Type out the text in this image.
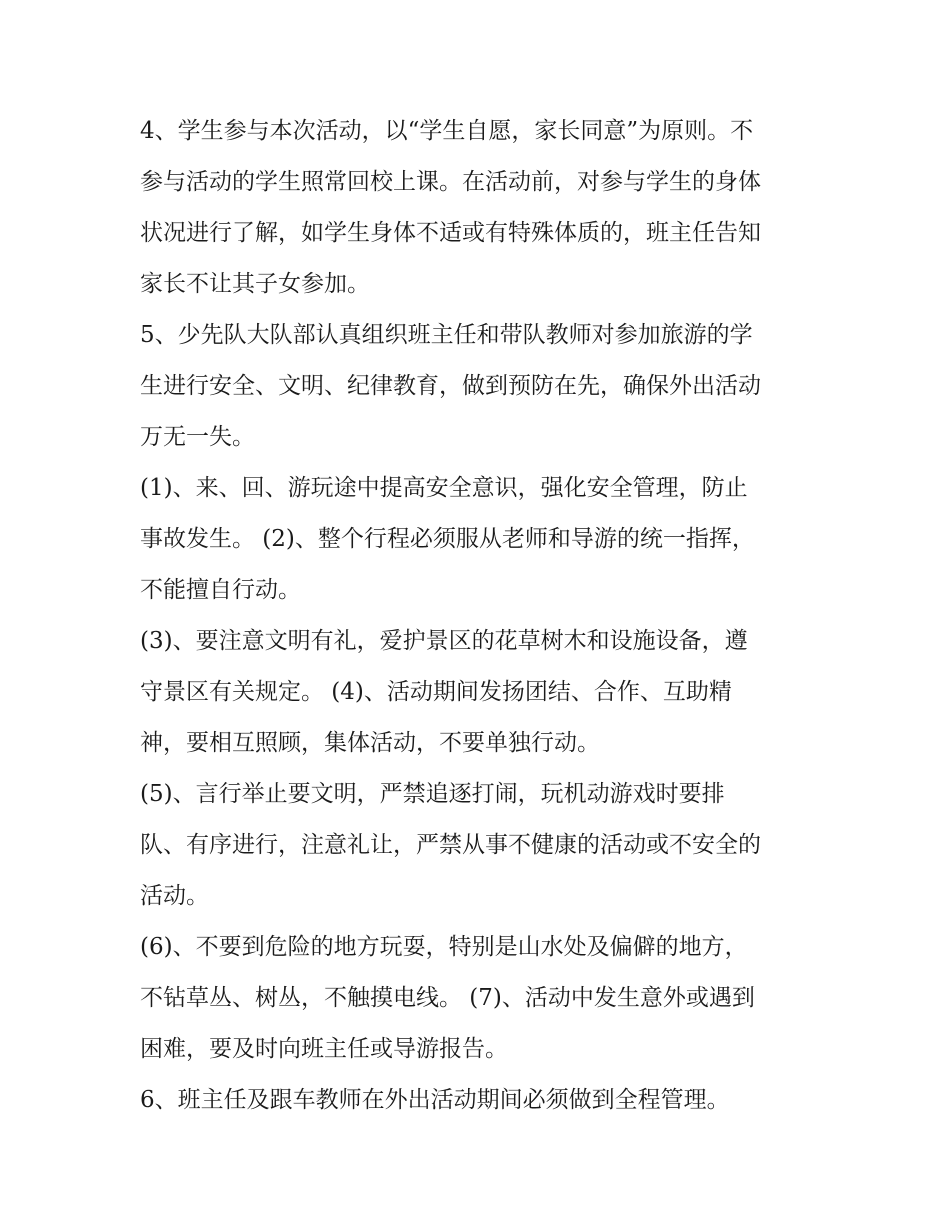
4、学生参与本次活动，以“学生自愿，家长同意”为原则。不
参与活动的学生照常回校上课。在活动前，对参与学生的身体
状况进行了解，如学生身体不适或有特殊体质的，班主任告知
家长不让其子女参加。
5、少先队大队部认真组织班主任和带队教师对参加旅游的学
生进行安全、文明、纪律教育，做到预防在先，确保外出活动
万无一失。
(1)、来、回、游玩途中提高安全意识，强化安全管理，防止
事故发生。 (2)、整个行程必须服从老师和导游的统一指挥，
不能擅自行动。
(3)、要注意文明有礼，爱护景区的花草树木和设施设备，遵
守景区有关规定。 (4)、活动期间发扬团结、合作、互助精
神，要相互照顾，集体活动，不要单独行动。
(5)、言行举止要文明，严禁追逐打闹，玩机动游戏时要排
队、有序进行，注意礼让，严禁从事不健康的活动或不安全的
活动。
(6)、不要到危险的地方玩耍，特别是山水处及偏僻的地方，
不钻草丛、树丛，不触摸电线。 (7)、活动中发生意外或遇到
困难，要及时向班主任或导游报告。
6、班主任及跟车教师在外出活动期间必须做到全程管理。
